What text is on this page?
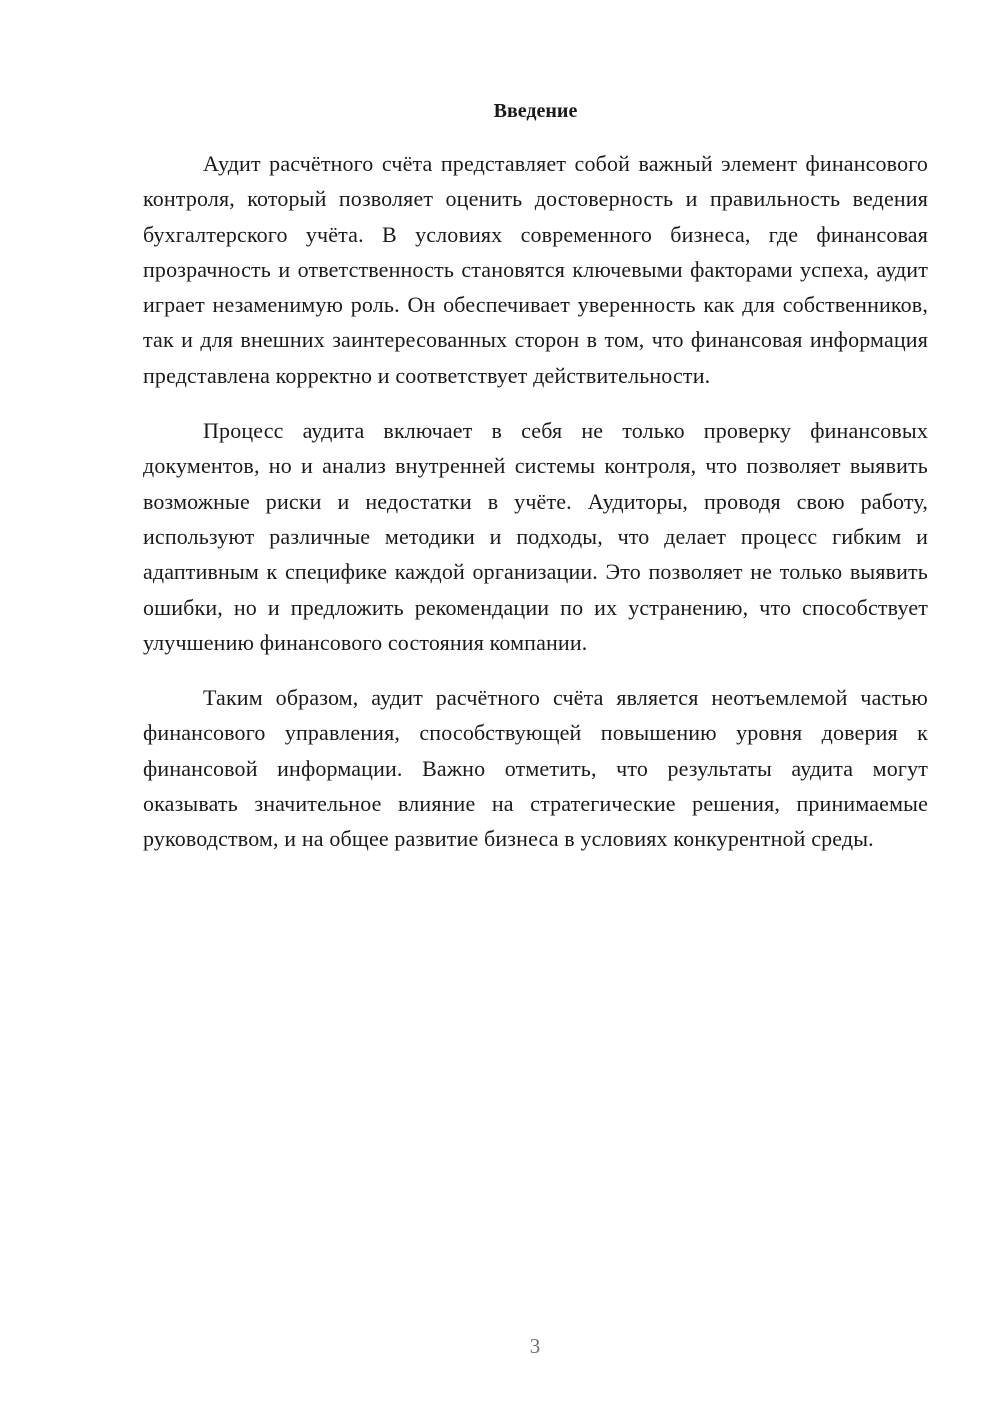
Введение

Аудит расчётного счёта представляет собой важный элемент финансового контроля, который позволяет оценить достоверность и правильность ведения бухгалтерского учёта. В условиях современного бизнеса, где финансовая прозрачность и ответственность становятся ключевыми факторами успеха, аудит играет незаменимую роль. Он обеспечивает уверенность как для собственников, так и для внешних заинтересованных сторон в том, что финансовая информация представлена корректно и соответствует действительности.

Процесс аудита включает в себя не только проверку финансовых документов, но и анализ внутренней системы контроля, что позволяет выявить возможные риски и недостатки в учёте. Аудиторы, проводя свою работу, используют различные методики и подходы, что делает процесс гибким и адаптивным к специфике каждой организации. Это позволяет не только выявить ошибки, но и предложить рекомендации по их устранению, что способствует улучшению финансового состояния компании.

Таким образом, аудит расчётного счёта является неотъемлемой частью финансового управления, способствующей повышению уровня доверия к финансовой информации. Важно отметить, что результаты аудита могут оказывать значительное влияние на стратегические решения, принимаемые руководством, и на общее развитие бизнеса в условиях конкурентной среды.

3
